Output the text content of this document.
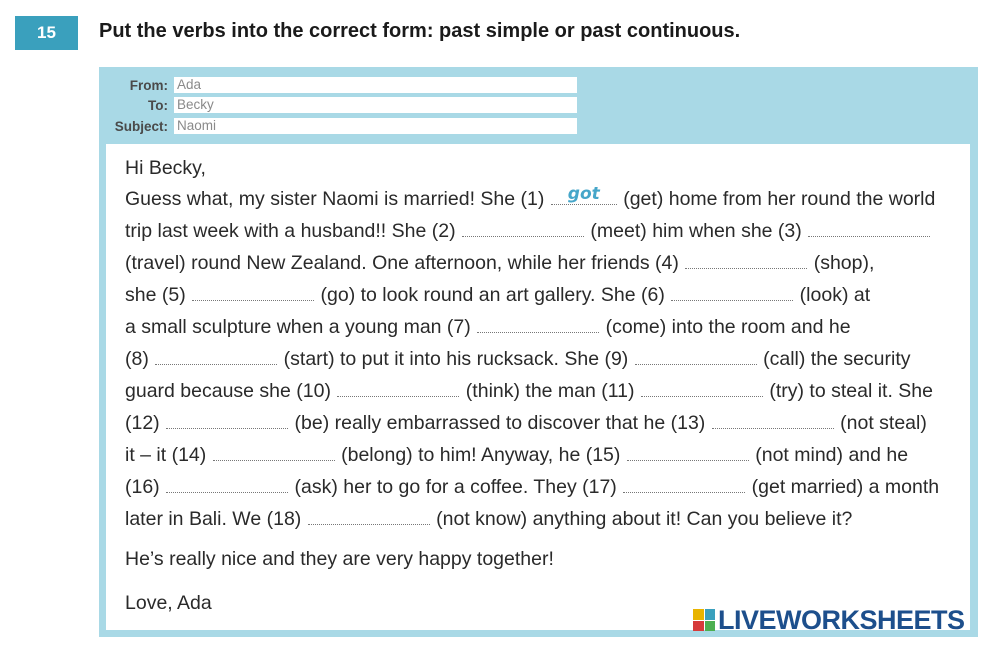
15 Put the verbs into the correct form: past simple or past continuous.
From: Ada
To: Becky
Subject: Naomi
Hi Becky,
Guess what, my sister Naomi is married! She (1)	got (get) home from her round the world
trip last week with a husband!! She (2)	(meet) him when she (3)
(travel) round New Zealand. One afternoon, while her friends (4)	(shop),
she (5)	(go) to look round an art gallery. She (6)	(look) at
a small sculpture when a young man (7)	(come) into the room and he
(8)	(start) to put it into his rucksack. She (9)	(call) the security
guard because she (10)	(think) the man (11)	(try) to steal it. She
(12)	(be) really embarrassed to discover that he (13)	(not steal)
it – it (14)	(belong) to him! Anyway, he (15)	(not mind) and he
(16)	(ask) her to go for a coffee. They (17)	(get married) a month
later in Bali. We (18)	(not know) anything about it! Can you believe it?
He’s really nice and they are very happy together!
Love, Ada
LIVEWORKSHEETS
